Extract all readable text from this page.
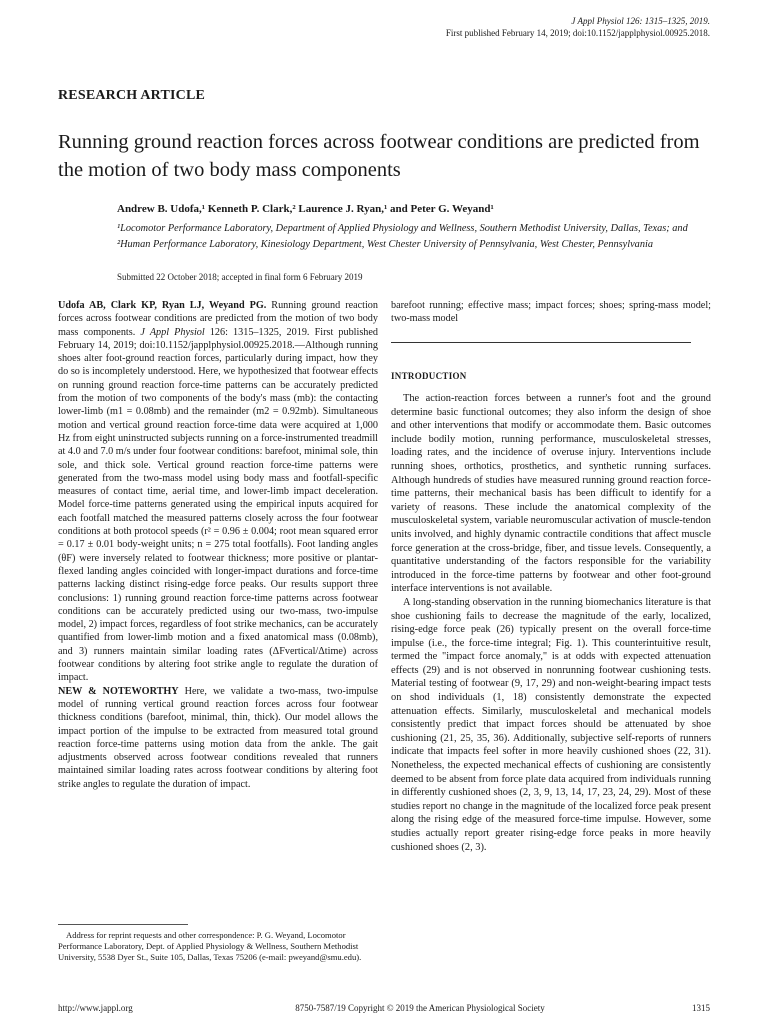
J Appl Physiol 126: 1315–1325, 2019.
First published February 14, 2019; doi:10.1152/japplphysiol.00925.2018.
RESEARCH ARTICLE
Running ground reaction forces across footwear conditions are predicted from the motion of two body mass components
Andrew B. Udofa,¹ Kenneth P. Clark,² Laurence J. Ryan,¹ and Peter G. Weyand¹
¹Locomotor Performance Laboratory, Department of Applied Physiology and Wellness, Southern Methodist University, Dallas, Texas; and ²Human Performance Laboratory, Kinesiology Department, West Chester University of Pennsylvania, West Chester, Pennsylvania
Submitted 22 October 2018; accepted in final form 6 February 2019

Udofa AB, Clark KP, Ryan LJ, Weyand PG. Running ground reaction forces across footwear conditions are predicted from the motion of two body mass components. J Appl Physiol 126: 1315–1325, 2019. First published February 14, 2019; doi:10.1152/japplphysiol.00925.2018.—Although running shoes alter foot-ground reaction forces, particularly during impact, how they do so is incompletely understood. Here, we hypothesized that footwear effects on running ground reaction force-time patterns can be accurately predicted from the motion of two components of the body's mass (mb): the contacting lower-limb (m1 = 0.08mb) and the remainder (m2 = 0.92mb). Simultaneous motion and vertical ground reaction force-time data were acquired at 1,000 Hz from eight uninstructed subjects running on a force-instrumented treadmill at 4.0 and 7.0 m/s under four footwear conditions: barefoot, minimal sole, thin sole, and thick sole. Vertical ground reaction force-time patterns were generated from the two-mass model using body mass and footfall-specific measures of contact time, aerial time, and lower-limb impact deceleration. Model force-time patterns generated using the empirical inputs acquired for each footfall matched the measured patterns closely across the four footwear conditions at both protocol speeds (r² = 0.96 ± 0.004; root mean squared error = 0.17 ± 0.01 body-weight units; n = 275 total footfalls). Foot landing angles (θF) were inversely related to footwear thickness; more positive or plantar-flexed landing angles coincided with longer-impact durations and force-time patterns lacking distinct rising-edge force peaks. Our results support three conclusions: 1) running ground reaction force-time patterns across footwear conditions can be accurately predicted using our two-mass, two-impulse model, 2) impact forces, regardless of foot strike mechanics, can be accurately quantified from lower-limb motion and a fixed anatomical mass (0.08mb), and 3) runners maintain similar loading rates (ΔFvertical/Δtime) across footwear conditions by altering foot strike angle to regulate the duration of impact.

NEW & NOTEWORTHY Here, we validate a two-mass, two-impulse model of running vertical ground reaction forces across four footwear thickness conditions (barefoot, minimal, thin, thick). Our model allows the impact portion of the impulse to be extracted from measured total ground reaction force-time patterns using motion data from the ankle. The gait adjustments observed across footwear conditions revealed that runners maintained similar loading rates across footwear conditions by altering foot strike angles to regulate the duration of impact.

barefoot running; effective mass; impact forces; shoes; spring-mass model; two-mass model

INTRODUCTION

The action-reaction forces between a runner's foot and the ground determine basic functional outcomes; they also inform the design of shoe and other interventions that modify or accommodate them. Basic outcomes include bodily motion, running performance, musculoskeletal stresses, loading rates, and the incidence of overuse injury. Interventions include running shoes, orthotics, prosthetics, and synthetic running surfaces. Although hundreds of studies have measured running ground reaction force-time patterns, their mechanical basis has been difficult to identify for a variety of reasons. These include the anatomical complexity of the musculoskeletal system, variable neuromuscular activation of muscle-tendon units involved, and highly dynamic contractile conditions that affect muscle force generation at the cross-bridge, fiber, and tissue levels. Consequently, a quantitative understanding of the factors responsible for the variability introduced in the force-time patterns by footwear and other foot-ground interface interventions is not available.

A long-standing observation in the running biomechanics literature is that shoe cushioning fails to decrease the magnitude of the early, localized, rising-edge force peak (26) typically present on the overall force-time impulse (i.e., the force-time integral; Fig. 1). This counterintuitive result, termed the "impact force anomaly," is at odds with expected attenuation effects (29) and is not observed in nonrunning footwear cushioning tests. Material testing of footwear (9, 17, 29) and non-weight-bearing impact tests on shod individuals (1, 18) consistently demonstrate the expected attenuation effects. Similarly, musculoskeletal and mechanical models consistently predict that impact forces should be attenuated by shoe cushioning (21, 25, 35, 36). Additionally, subjective self-reports of runners indicate that impacts feel softer in more heavily cushioned shoes (22, 31). Nonetheless, the expected mechanical effects of cushioning are consistently deemed to be absent from force plate data acquired from individuals running in differently cushioned shoes (2, 3, 9, 13, 14, 17, 23, 24, 29). Most of these studies report no change in the magnitude of the localized force peak present along the rising edge of the measured force-time impulse. However, some studies actually report greater rising-edge force peaks in more heavily cushioned shoes (2, 3).

Address for reprint requests and other correspondence: P. G. Weyand, Locomotor Performance Laboratory, Dept. of Applied Physiology & Wellness, Southern Methodist University, 5538 Dyer St., Suite 105, Dallas, Texas 75206 (e-mail: pweyand@smu.edu).

http://www.jappl.org	8750-7587/19 Copyright © 2019 the American Physiological Society	1315
